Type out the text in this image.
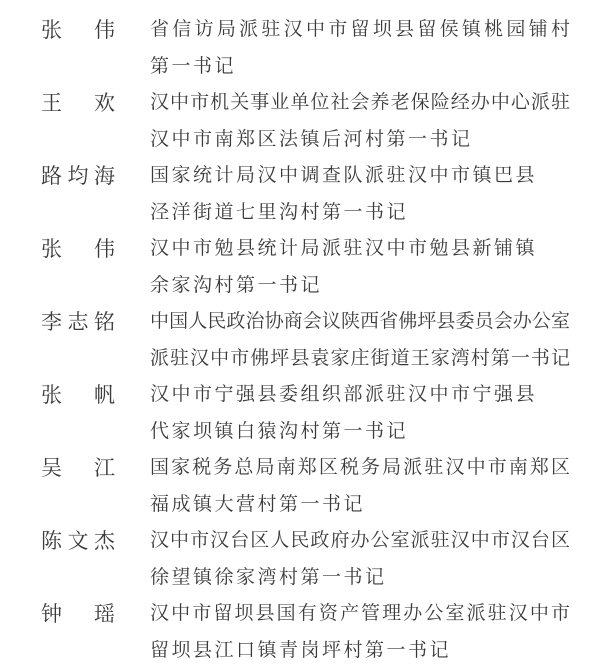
张伟 省信访局派驻汉中市留坝县留侯镇桃园铺村
第一书记
王欢 汉中市机关事业单位社会养老保险经办中心派驻
汉中市南郑区法镇后河村第一书记
路均海 国家统计局汉中调查队派驻汉中市镇巴县
泾洋街道七里沟村第一书记
张伟 汉中市勉县统计局派驻汉中市勉县新铺镇
余家沟村第一书记
李志铭 中国人民政治协商会议陕西省佛坪县委员会办公室
派驻汉中市佛坪县袁家庄街道王家湾村第一书记
张帆 汉中市宁强县委组织部派驻汉中市宁强县
代家坝镇白猿沟村第一书记
吴江 国家税务总局南郑区税务局派驻汉中市南郑区
福成镇大营村第一书记
陈文杰 汉中市汉台区人民政府办公室派驻汉中市汉台区
徐望镇徐家湾村第一书记
钟瑶 汉中市留坝县国有资产管理办公室派驻汉中市
留坝县江口镇青岗坪村第一书记
